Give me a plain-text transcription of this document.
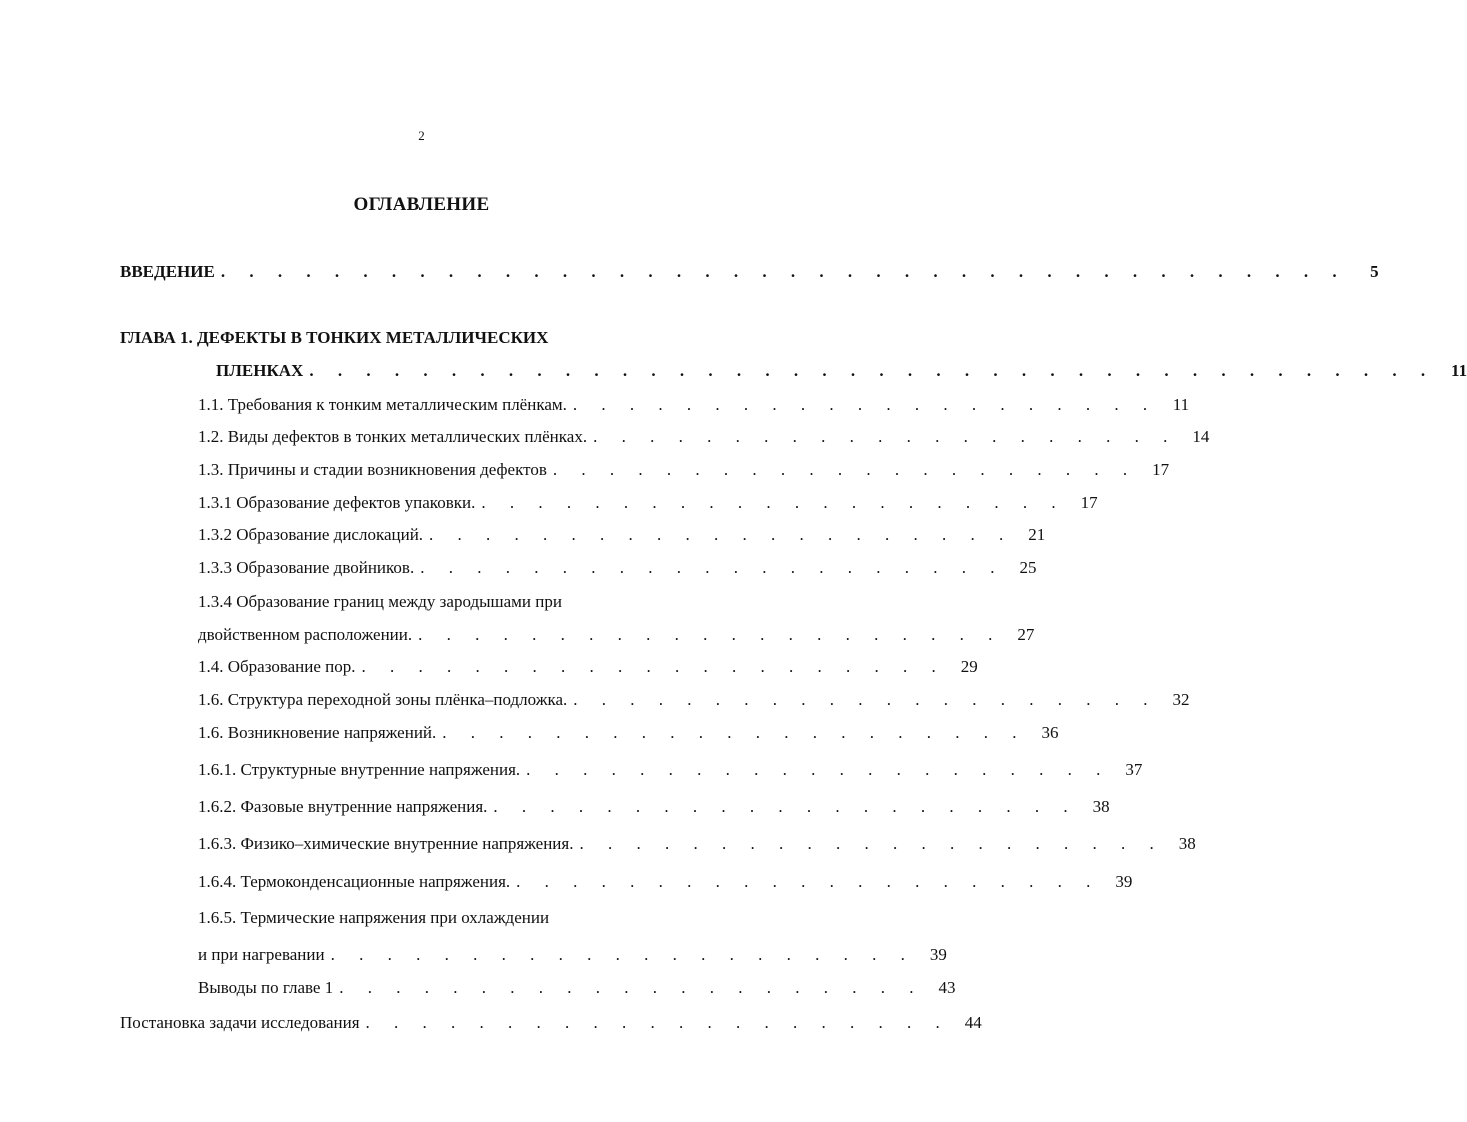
2
ОГЛАВЛЕНИЕ
ВВЕДЕНИЕ . . . . . . . . . . . . . . . . . . . . . . . . . . . . . . . . . . . . . . . .	5
ГЛАВА 1. ДЕФЕКТЫ В ТОНКИХ МЕТАЛЛИЧЕСКИХ
ПЛЕНКАХ . . . . . . . . . . . . . . . . . . . . . . . . . . . . . . . . . . . . . . . . 11
1.1. Требования к тонким металлическим плёнкам. . . . . . . . . . . . . . . . . . . . . . 11
1.2. Виды дефектов в тонких металлических плёнках. . . . . . . . . . . . . . . . . . . . . . 14
1.3. Причины и стадии возникновения дефектов . . . . . . . . . . . . . . . . . . . . . 17
1.3.1 Образование дефектов упаковки. . . . . . . . . . . . . . . . . . . . . . 17
1.3.2 Образование дислокаций. . . . . . . . . . . . . . . . . . . . . . 21
1.3.3 Образование двойников. . . . . . . . . . . . . . . . . . . . . . 25
1.3.4 Образование границ между зародышами при
двойственном расположении. . . . . . . . . . . . . . . . . . . . . . 27
1.4. Образование пор. . . . . . . . . . . . . . . . . . . . . . 29
1.6. Структура переходной зоны плёнка–подложка. . . . . . . . . . . . . . . . . . . . . . 32
1.6. Возникновение напряжений. . . . . . . . . . . . . . . . . . . . . . 36
1.6.1. Структурные внутренние напряжения. . . . . . . . . . . . . . . . . . . . . . 37
1.6.2. Фазовые внутренние напряжения. . . . . . . . . . . . . . . . . . . . . . 38
1.6.3. Физико–химические внутренние напряжения. . . . . . . . . . . . . . . . . . . . . . 38
1.6.4. Термоконденсационные напряжения. . . . . . . . . . . . . . . . . . . . . . 39
1.6.5. Термические напряжения при охлаждении
и при нагревании . . . . . . . . . . . . . . . . . . . . . 39
Выводы по главе 1 . . . . . . . . . . . . . . . . . . . . . 43
Постановка задачи исследования . . . . . . . . . . . . . . . . . . . . . 44
